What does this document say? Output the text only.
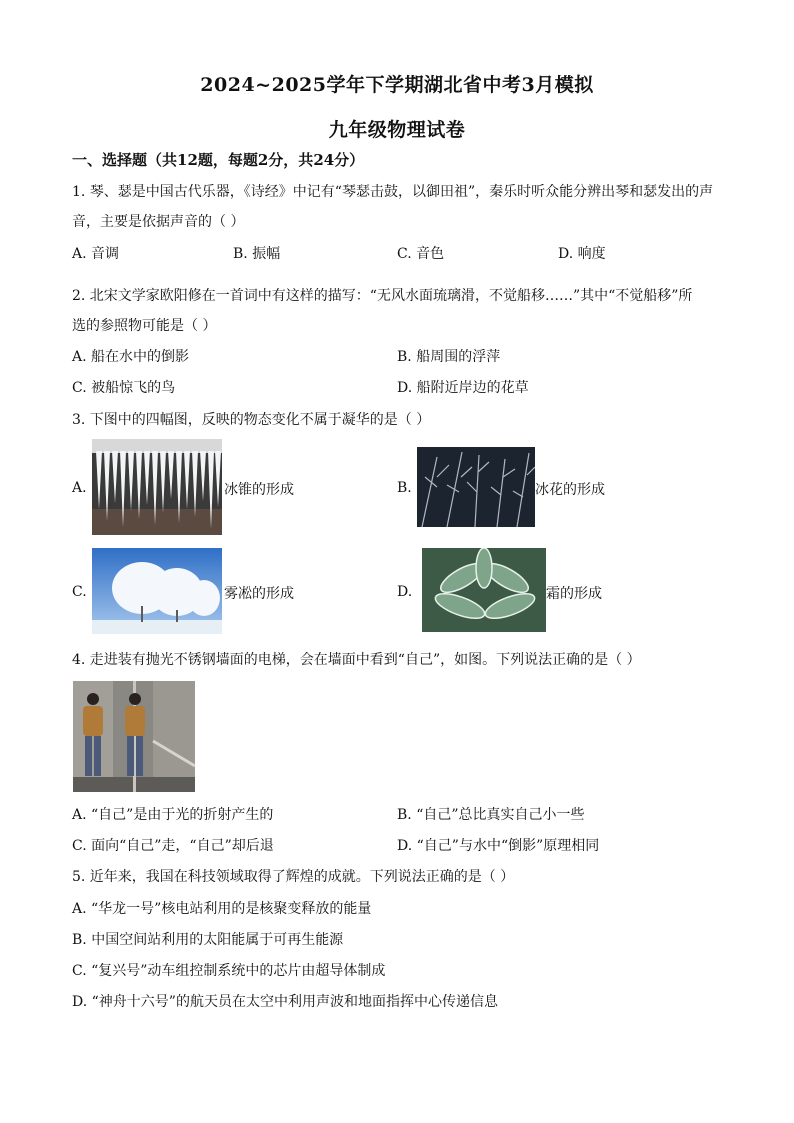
2024~2025学年下学期湖北省中考3月模拟
九年级物理试卷
一、选择题（共12题，每题2分，共24分）
1. 琴、瑟是中国古代乐器，《诗经》中记有“琴瑟击鼓，以御田祖”，秦乐时听众能分辨出琴和瑟发出的声
音，主要是依据声音的（ ）
A. 音调	B. 振幅	C. 音色	D. 响度
2. 北宋文学家欧阳修在一首词中有这样的描写：“无风水面琉璃滑，不觉船移……”其中“不觉船移”所
选的参照物可能是（ ）
A. 船在水中的倒影	B. 船周围的浮萍
C. 被船惊飞的鸟	D. 船附近岸边的花草
3. 下图中的四幅图，反映的物态变化不属于凝华的是（ ）
A.	冰锥的形成	B.	冰花的形成
C.	雾凇的形成	D.	霜的形成
4. 走进装有抛光不锈钢墙面的电梯，会在墙面中看到“自己”，如图。下列说法正确的是（ ）
A. “自己”是由于光的折射产生的	B. “自己”总比真实自己小一些
C. 面向“自己”走，“自己”却后退	D. “自己”与水中“倒影”原理相同
5. 近年来，我国在科技领域取得了辉煌的成就。下列说法正确的是（ ）
A. “华龙一号”核电站利用的是核聚变释放的能量
B. 中国空间站利用的太阳能属于可再生能源
C. “复兴号”动车组控制系统中的芯片由超导体制成
D. “神舟十六号”的航天员在太空中利用声波和地面指挥中心传递信息
